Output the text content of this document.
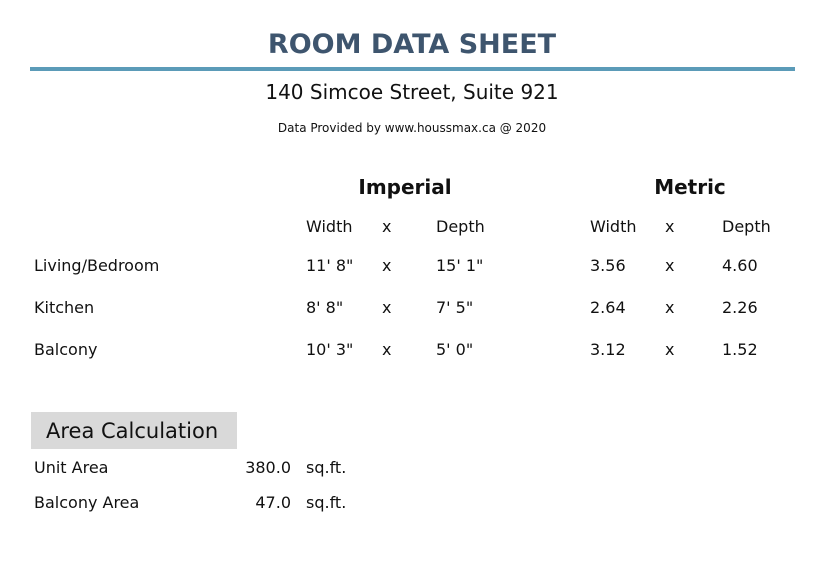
ROOM DATA SHEET
140 Simcoe Street, Suite 921
Data Provided by www.houssmax.ca @ 2020
Imperial	Metric
Width x	Depth	Width x	Depth
Living/Bedroom	11' 8" x	15' 1"	3.56 x	4.60
Kitchen	8' 8" x	7' 5"	2.64 x	2.26
Balcony	10' 3" x	5' 0"	3.12 x	1.52
Area Calculation
Unit Area	380.0 sq.ft.
Balcony Area	47.0 sq.ft.
